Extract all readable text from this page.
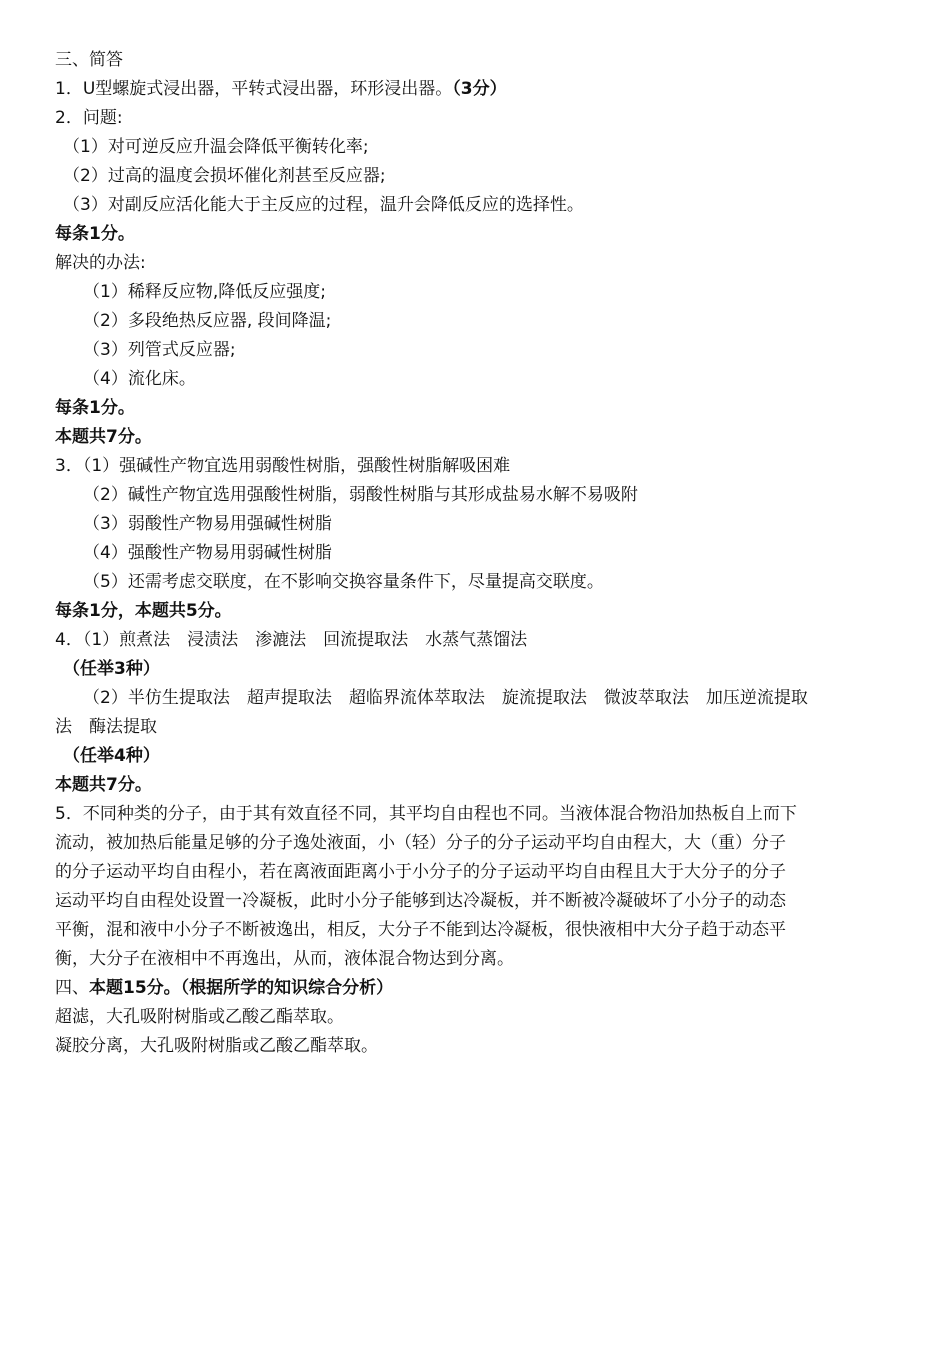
三、简答
1．U型螺旋式浸出器，平转式浸出器，环形浸出器。（3分）
2．问题:
（1）对可逆反应升温会降低平衡转化率;
（2）过高的温度会损坏催化剂甚至反应器;
（3）对副反应活化能大于主反应的过程，温升会降低反应的选择性。
每条1分。
解决的办法:
（1）稀释反应物,降低反应强度;
（2）多段绝热反应器, 段间降温;
（3）列管式反应器;
（4）流化床。
每条1分。
本题共7分。
3．（1）强碱性产物宜选用弱酸性树脂，强酸性树脂解吸困难
（2）碱性产物宜选用强酸性树脂，弱酸性树脂与其形成盐易水解不易吸附
（3）弱酸性产物易用强碱性树脂
（4）强酸性产物易用弱碱性树脂
（5）还需考虑交联度，在不影响交换容量条件下，尽量提高交联度。
每条1分，本题共5分。
4．（1）煎煮法　浸渍法　渗漉法　回流提取法　水蒸气蒸馏法
（任举3种）
（2）半仿生提取法　超声提取法　超临界流体萃取法　旋流提取法　微波萃取法　加压逆流提取
法　酶法提取
（任举4种）
本题共7分。
5．不同种类的分子，由于其有效直径不同，其平均自由程也不同。当液体混合物沿加热板自上而下
流动，被加热后能量足够的分子逸处液面，小（轻）分子的分子运动平均自由程大，大（重）分子
的分子运动平均自由程小，若在离液面距离小于小分子的分子运动平均自由程且大于大分子的分子
运动平均自由程处设置一冷凝板，此时小分子能够到达冷凝板，并不断被冷凝破坏了小分子的动态
平衡，混和液中小分子不断被逸出，相反，大分子不能到达冷凝板，很快液相中大分子趋于动态平
衡，大分子在液相中不再逸出，从而，液体混合物达到分离。
四、本题15分。（根据所学的知识综合分析）
超滤，大孔吸附树脂或乙酸乙酯萃取。
凝胶分离，大孔吸附树脂或乙酸乙酯萃取。
